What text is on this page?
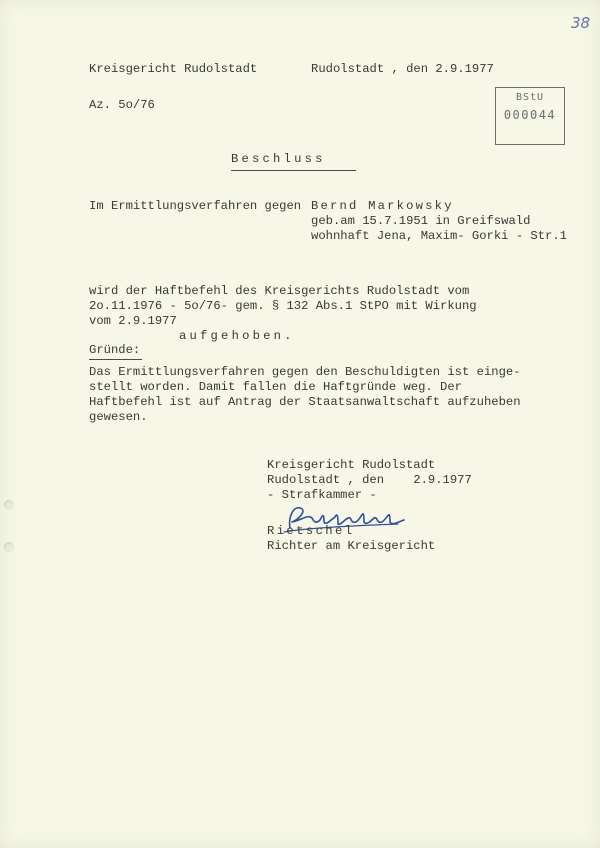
38
BStU
000044
Kreisgericht Rudolstadt	Rudolstadt , den 2.9.1977
Az. 5o/76
Beschluss
Im Ermittlungsverfahren gegen Bernd Markowsky
geb.am 15.7.1951 in Greifswald
wohnhaft Jena, Maxim- Gorki - Str.1
wird der Haftbefehl des Kreisgerichts Rudolstadt vom
2o.11.1976 - 5o/76- gem. § 132 Abs.1 StPO mit Wirkung
vom 2.9.1977
aufgehoben.
Gründe:
Das Ermittlungsverfahren gegen den Beschuldigten ist einge-
stellt worden. Damit fallen die Haftgründe weg. Der
Haftbefehl ist auf Antrag der Staatsanwaltschaft aufzuheben
gewesen.
Kreisgericht Rudolstadt
Rudolstadt , den    2.9.1977
- Strafkammer -
Rietschel
Richter am Kreisgericht
